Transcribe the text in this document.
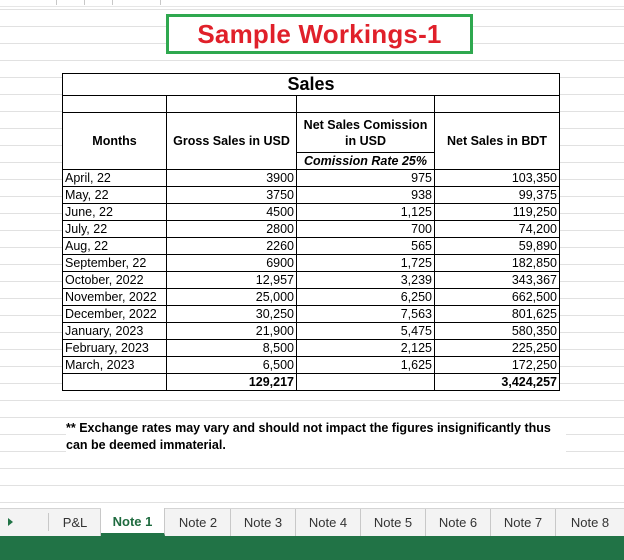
Sample Workings-1
Sales			

Months	Gross Sales in USD	Net Sales Comission in USD	Net Sales in BDT

		Comission Rate 25%	
April, 22	3900	975	103,350
May, 22	3750	938	99,375
June, 22	4500	1,125	119,250
July, 22	2800	700	74,200
Aug, 22	2260	565	59,890
September, 22	6900	1,725	182,850
October, 2022	12,957	3,239	343,367
November, 2022	25,000	6,250	662,500
December, 2022	30,250	7,563	801,625
January, 2023	21,900	5,475	580,350
February, 2023	8,500	2,125	225,250
March, 2023	6,500	1,625	172,250
	129,217		3,424,257
** Exchange rates may vary and should not impact the figures insignificantly thus can be deemed immaterial.
P&L	Note 1	Note 2	Note 3	Note 4	Note 5	Note 6	Note 7	Note 8
